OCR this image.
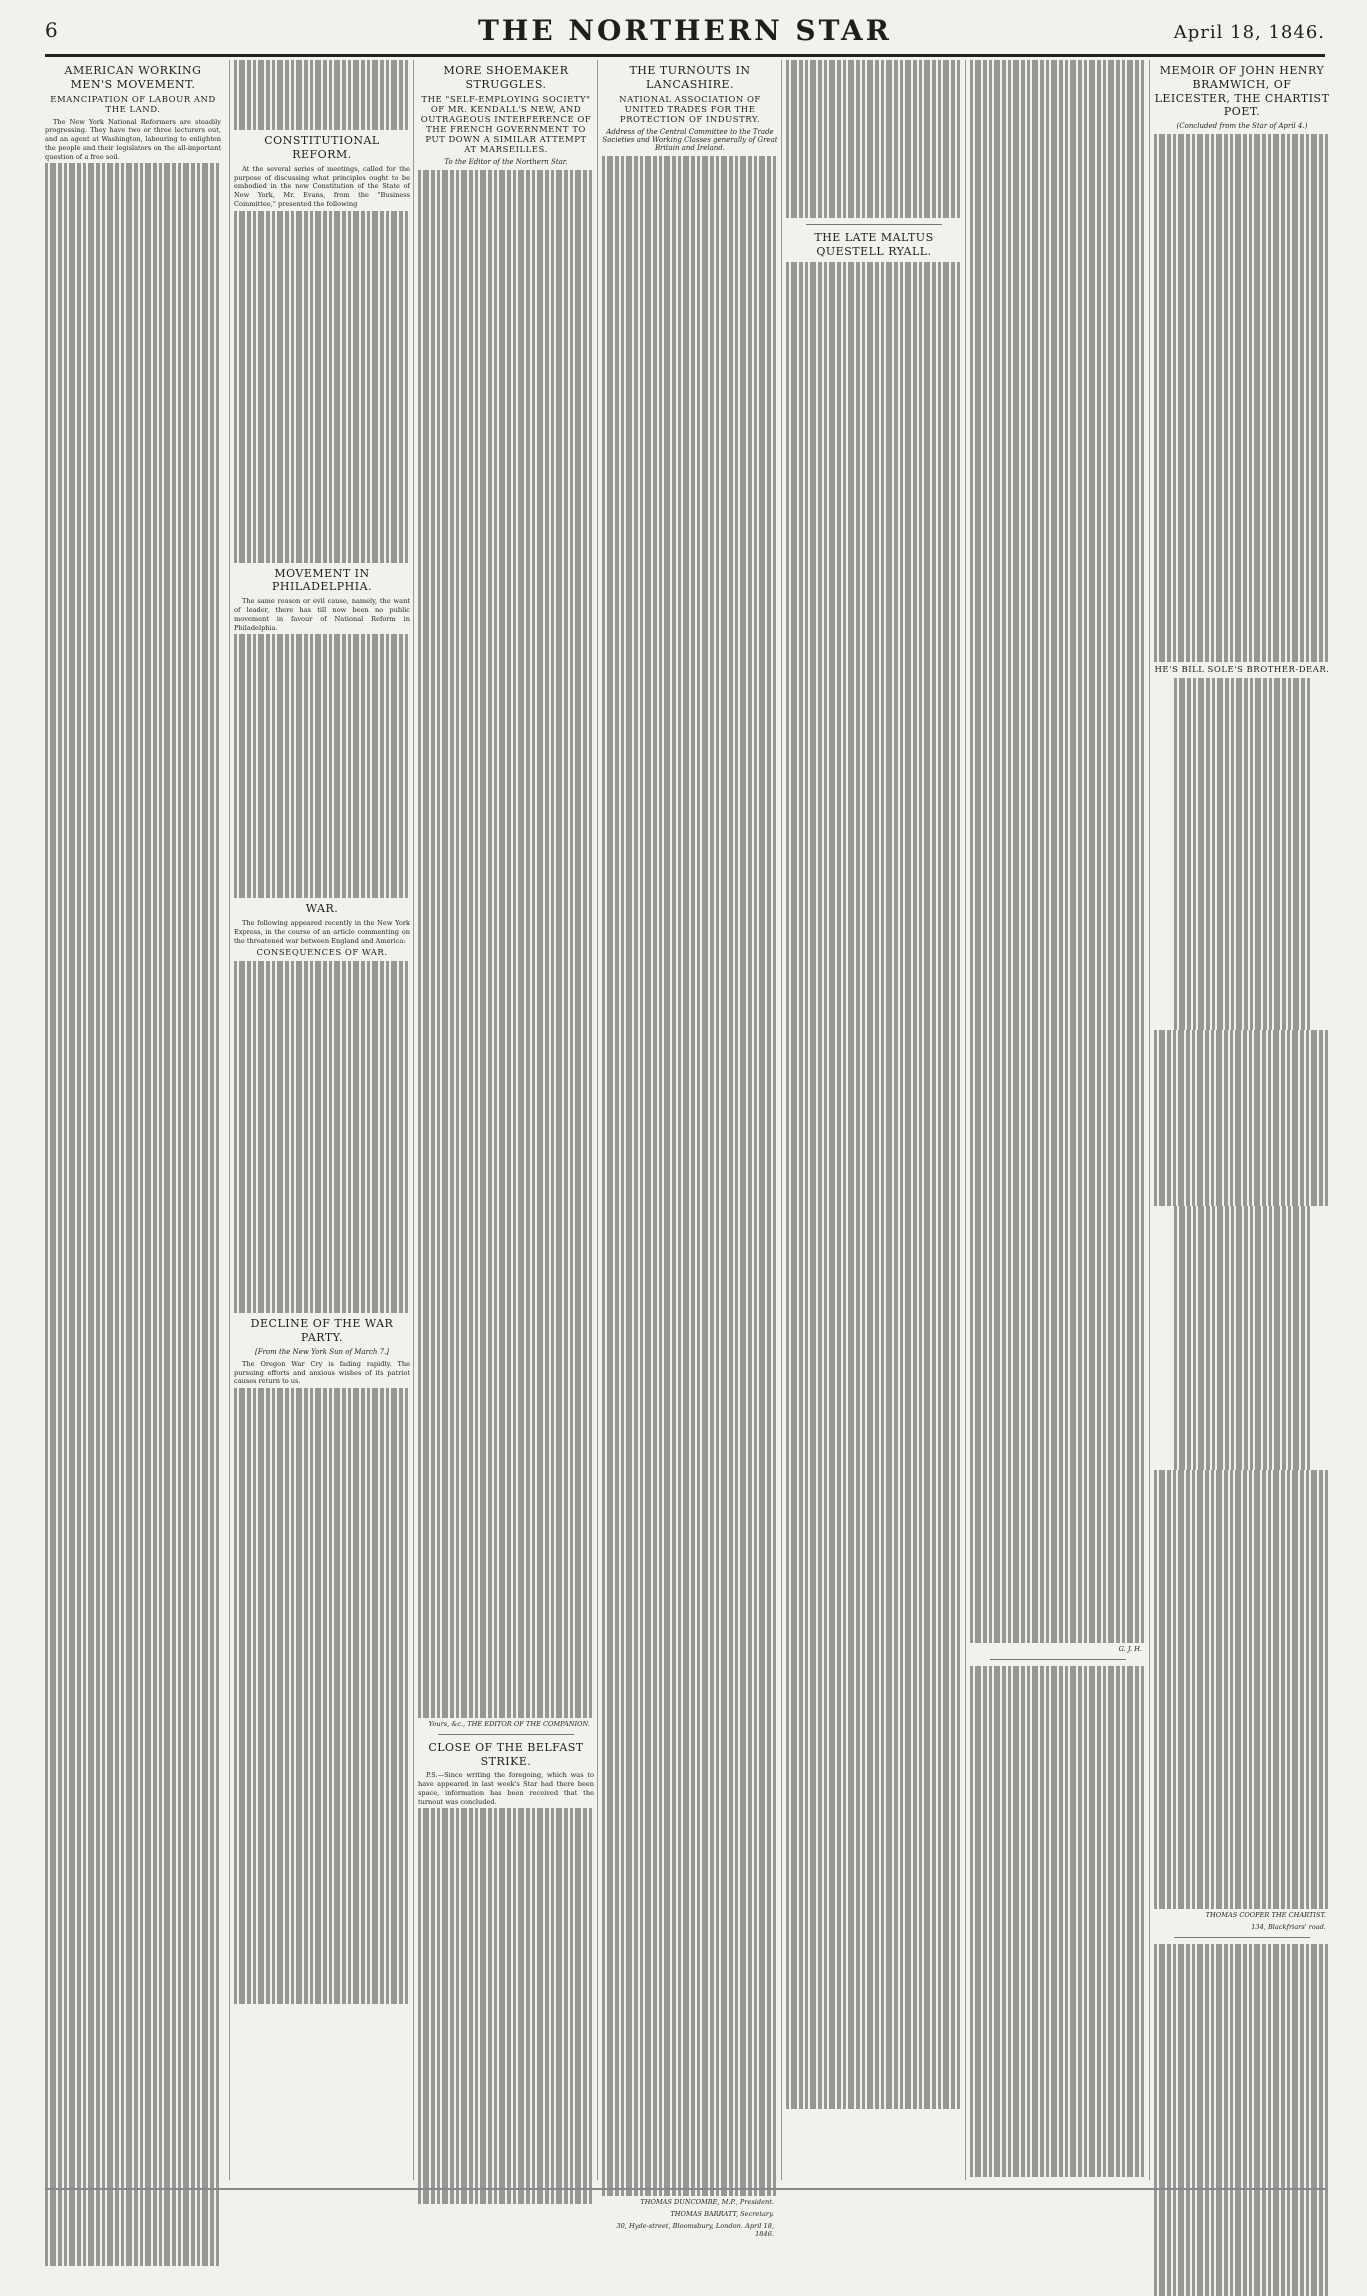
6	THE NORTHERN STAR	April 18, 1846.
AMERICAN WORKING MEN'S MOVEMENT.
EMANCIPATION OF LABOUR AND THE LAND.

The New York National Reformers are steadily progressing. They have two or three lecturers out, and an agent at Washington, labouring to enlighten the people and their legislators on the all-important question of a free soil.

CONSTITUTIONAL REFORM.

At the several series of meetings, called for the purpose of discussing what principles ought to be embodied in the new Constitution of the State of New York, Mr. Evans, from the "Business Committee," presented the following

MOVEMENT IN PHILADELPHIA.

The same reason or evil cause, namely, the want of leader, there has till now been no public movement in favour of National Reform in Philadelphia.

WAR.

The following appeared recently in the New York Express, in the course of an article commenting on the threatened war between England and America:

CONSEQUENCES OF WAR.
DECLINE OF THE WAR PARTY.
[From the New York Sun of March 7.]

The Oregon War Cry is fading rapidly. The pursuing efforts and anxious wishes of its patriot causes return to us.

MORE SHOEMAKER STRUGGLES.
THE "SELF-EMPLOYING SOCIETY" OF MR. KENDALL'S NEW, AND OUTRAGEOUS INTERFERENCE OF THE FRENCH GOVERNMENT TO PUT DOWN A SIMILAR ATTEMPT AT MARSEILLES.
To the Editor of the Northern Star.
Yours, &c., THE EDITOR OF THE COMPANION.
CLOSE OF THE BELFAST STRIKE.

P.S.—Since writing the foregoing, which was to have appeared in last week's Star had there been space, information has been received that the turnout was concluded.

THE TURNOUTS IN LANCASHIRE.
NATIONAL ASSOCIATION OF UNITED TRADES FOR THE PROTECTION OF INDUSTRY.
Address of the Central Committee to the Trade Societies and Working Classes generally of Great Britain and Ireland.
THOMAS DUNCOMBE, M.P., President.
THOMAS BARRATT, Secretary.
30, Hyde-street, Bloomsbury, London. April 18, 1846.
THE LATE MALTUS QUESTELL RYALL.
G. J. H.
MEMOIR OF JOHN HENRY BRAMWICH, OF LEICESTER, THE CHARTIST POET.
(Concluded from the Star of April 4.)
HE'S BILL SOLE'S BROTHER-DEAR.
THOMAS COOPER THE CHARTIST.
134, Blackfriars' road.
